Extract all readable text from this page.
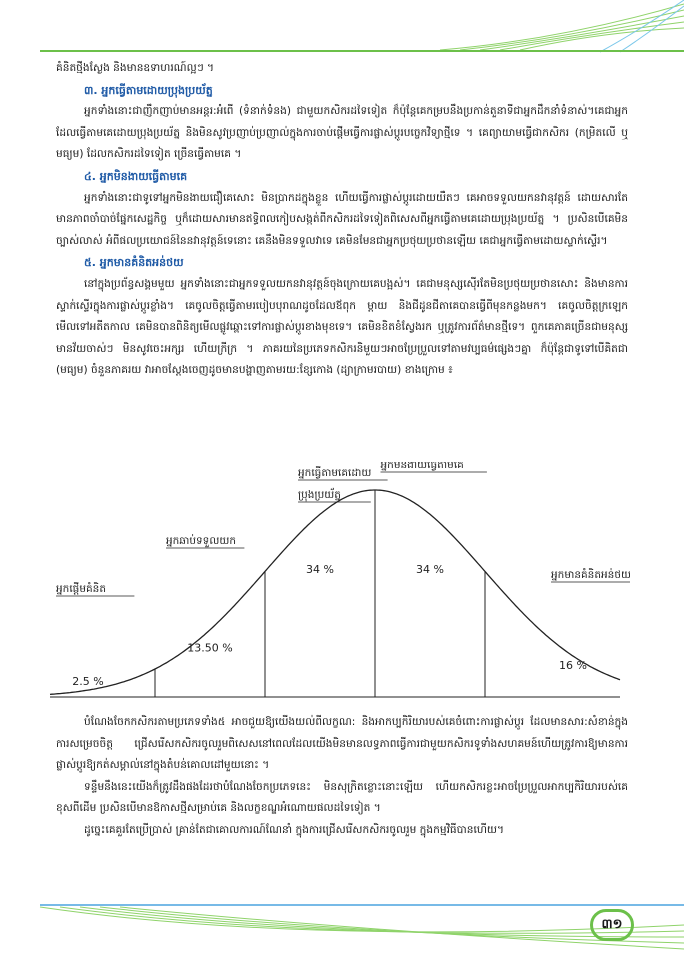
គំនិតថ្មីងស្ងែង និងមានឧទាហរណ៍ល្អៗ ។

៣. អ្នកធ្វើតាមដោយប្រុងប្រយ័ត្ន

អ្នកទាំងនោះជាញឹកញាប់មានអន្តរ:អំពើ (ទំនាក់ទំនង) ជាមួយកសិករដទៃទៀត ក៏ប៉ុន្តែគេកម្របនឹងប្រកាន់តួនាទីជាអ្នកដឹកនាំទំនាស់។គេជាអ្នកដែលធ្វើតាមគេដោយប្រុងប្រយ័ត្ន និងមិនសូវប្រញាប់ប្រញាល់ក្នុងការចាប់ផ្តើមធ្វើការផ្លាស់ប្តូរបច្ចេកវិទ្យាថ្មីទេ ។ គេព្យាយាមធ្វើជាកសិករ (កម្រិតលើ ឬ មធ្យម) ដែលកសិករដទៃទៀត ច្រើនធ្វើតាមគេ ។

៤. អ្នកមិនងាយធ្វើតាមគេ

អ្នកទាំងនោះជាទូទៅអ្នកមិនងាយជឿគេសោះ មិនប្រាកដក្នុងខ្លួន ហើយធ្វើការផ្លាស់ប្តូរដោយយឺតៗ គេអាចទទួលយកនវានុវត្តន៍ ដោយសារតែមានភាពចាំបាច់ផ្នែកសេដ្ឋកិច្ច ឬក៏ដោយសារមានឥទ្ធិពលកៀបសង្កត់ពីកសិករដទៃទៀតពិសេសពីអ្នកធ្វើតាមគេដោយប្រុងប្រយ័ត្ន ។ ប្រសិនបើគេមិនច្បាស់លាស់ អំពីផលប្រយោជន៍នៃនវានុវត្តន៍ទេនោះ គេនឹងមិនទទួលវាទេ គេមិនមែនជាអ្នកប្រថុយប្រថានឡើយ គេជាអ្នកធ្វើតាមដោយស្ទាក់ស្ទើរ។

៥. អ្នកមានគំនិតអន់ថយ

នៅក្នុងប្រព័ន្ធសង្គមមួយ អ្នកទាំងនោះជាអ្នកទទួលយកនវានុវត្តន៍ចុងក្រោយគេបង្អស់។ គេជាមនុស្សស៊ើរតែមិនប្រថុយប្រថានសោះ និងមានការស្ទាក់ស្ទើរក្នុងការផ្លាស់ប្តូរខ្លាំង។ គេចូលចិត្តធ្វើតាមរបៀបបុរាណដូចដែលឪពុក ម្តាយ និងជីដូនជីតាគេបានធ្វើពីមុនកន្លងមក។ គេចូលចិត្តក្រឡេកមើលទៅអតីតកាល គេមិនបានពិនិត្យមើលផ្លូវឆ្ពោះទៅការផ្លាស់ប្តូរខាងមុខទេ។ គេមិនខិតខំស្វែងរក ឬត្រូវការព័ត៌មានថ្មីទេ។ ពួកគេភាគច្រើនជាមនុស្សមានវ័យចាស់ៗ មិនសូវចេះអក្សរ ហើយក្រីក្រ ។ ភាគរយនៃប្រភេទកសិករនិមួយៗអាចប្រែប្រួលទៅតាមវប្បធម៌ផ្សេងៗគ្នា ក៏ប៉ុន្តែជាទូទៅបើគិតជា (មធ្យម) ចំនួនភាគរយ វាអាចស្តែងចេញដូចមានបង្ហាញតាមរយ:ខ្សែកោង (ដ្យាក្រាមរបាយ) ខាងក្រោម ៖

2.5 %
13.50 %
34 %	34 %
16 %
អ្នកផ្តើមគំនិត
អ្នកឆាប់ទទួលយក
អ្នកធ្វើតាមគេដោយ
ប្រុងប្រយ័ត្ន
អ្នកមិនងាយធ្វើតាមគេ
អ្នកមានគំនិតអន់ថយ

បំណែងចែកកសិករតាមប្រភេទទាំង៥ អាចជួយឱ្យយើងយល់ពីលក្ខណ: និងអាកប្បកិរិយារបស់គេចំពោះការផ្លាស់ប្តូរ ដែលមានសារ:សំខាន់ក្នុងការសម្រេចចិត្ត ជ្រើសរើសកសិករចូលរួមពិសេសនៅពេលដែលយើងមិនមានលទ្ធភាពធ្វើការជាមួយកសិករទូទាំងសហគមន៍ហើយត្រូវការឱ្យមានការផ្លាស់ប្តូរឱ្យកត់សម្គាល់នៅក្នុងតំបន់គោលដៅមួយនោះ ។

ទន្ទឹមនឹងនេះយើងក៏ត្រូវដឹងផងដែរថាបំណែងចែកប្រភេទនេះ មិនសុក្រិតខ្លោះនោះឡើយ ហើយកសិករខ្លះអាចប្រែប្រួលអាកប្បកិរិយារបស់គេខុសពីដើម ប្រសិនបើមានឱកាសថ្មីសម្រាប់គេ និងលក្ខខណ្ឌអំណោយផលដទៃទៀត ។

ដូច្នេះគេគួរតែប្រើប្រាស់ គ្រាន់តែជាគោលការណ៍ណែនាំ ក្នុងការជ្រើសរើសកសិករចូលរួម ក្នុងកម្មវិធីបានហើយ។

៣១
